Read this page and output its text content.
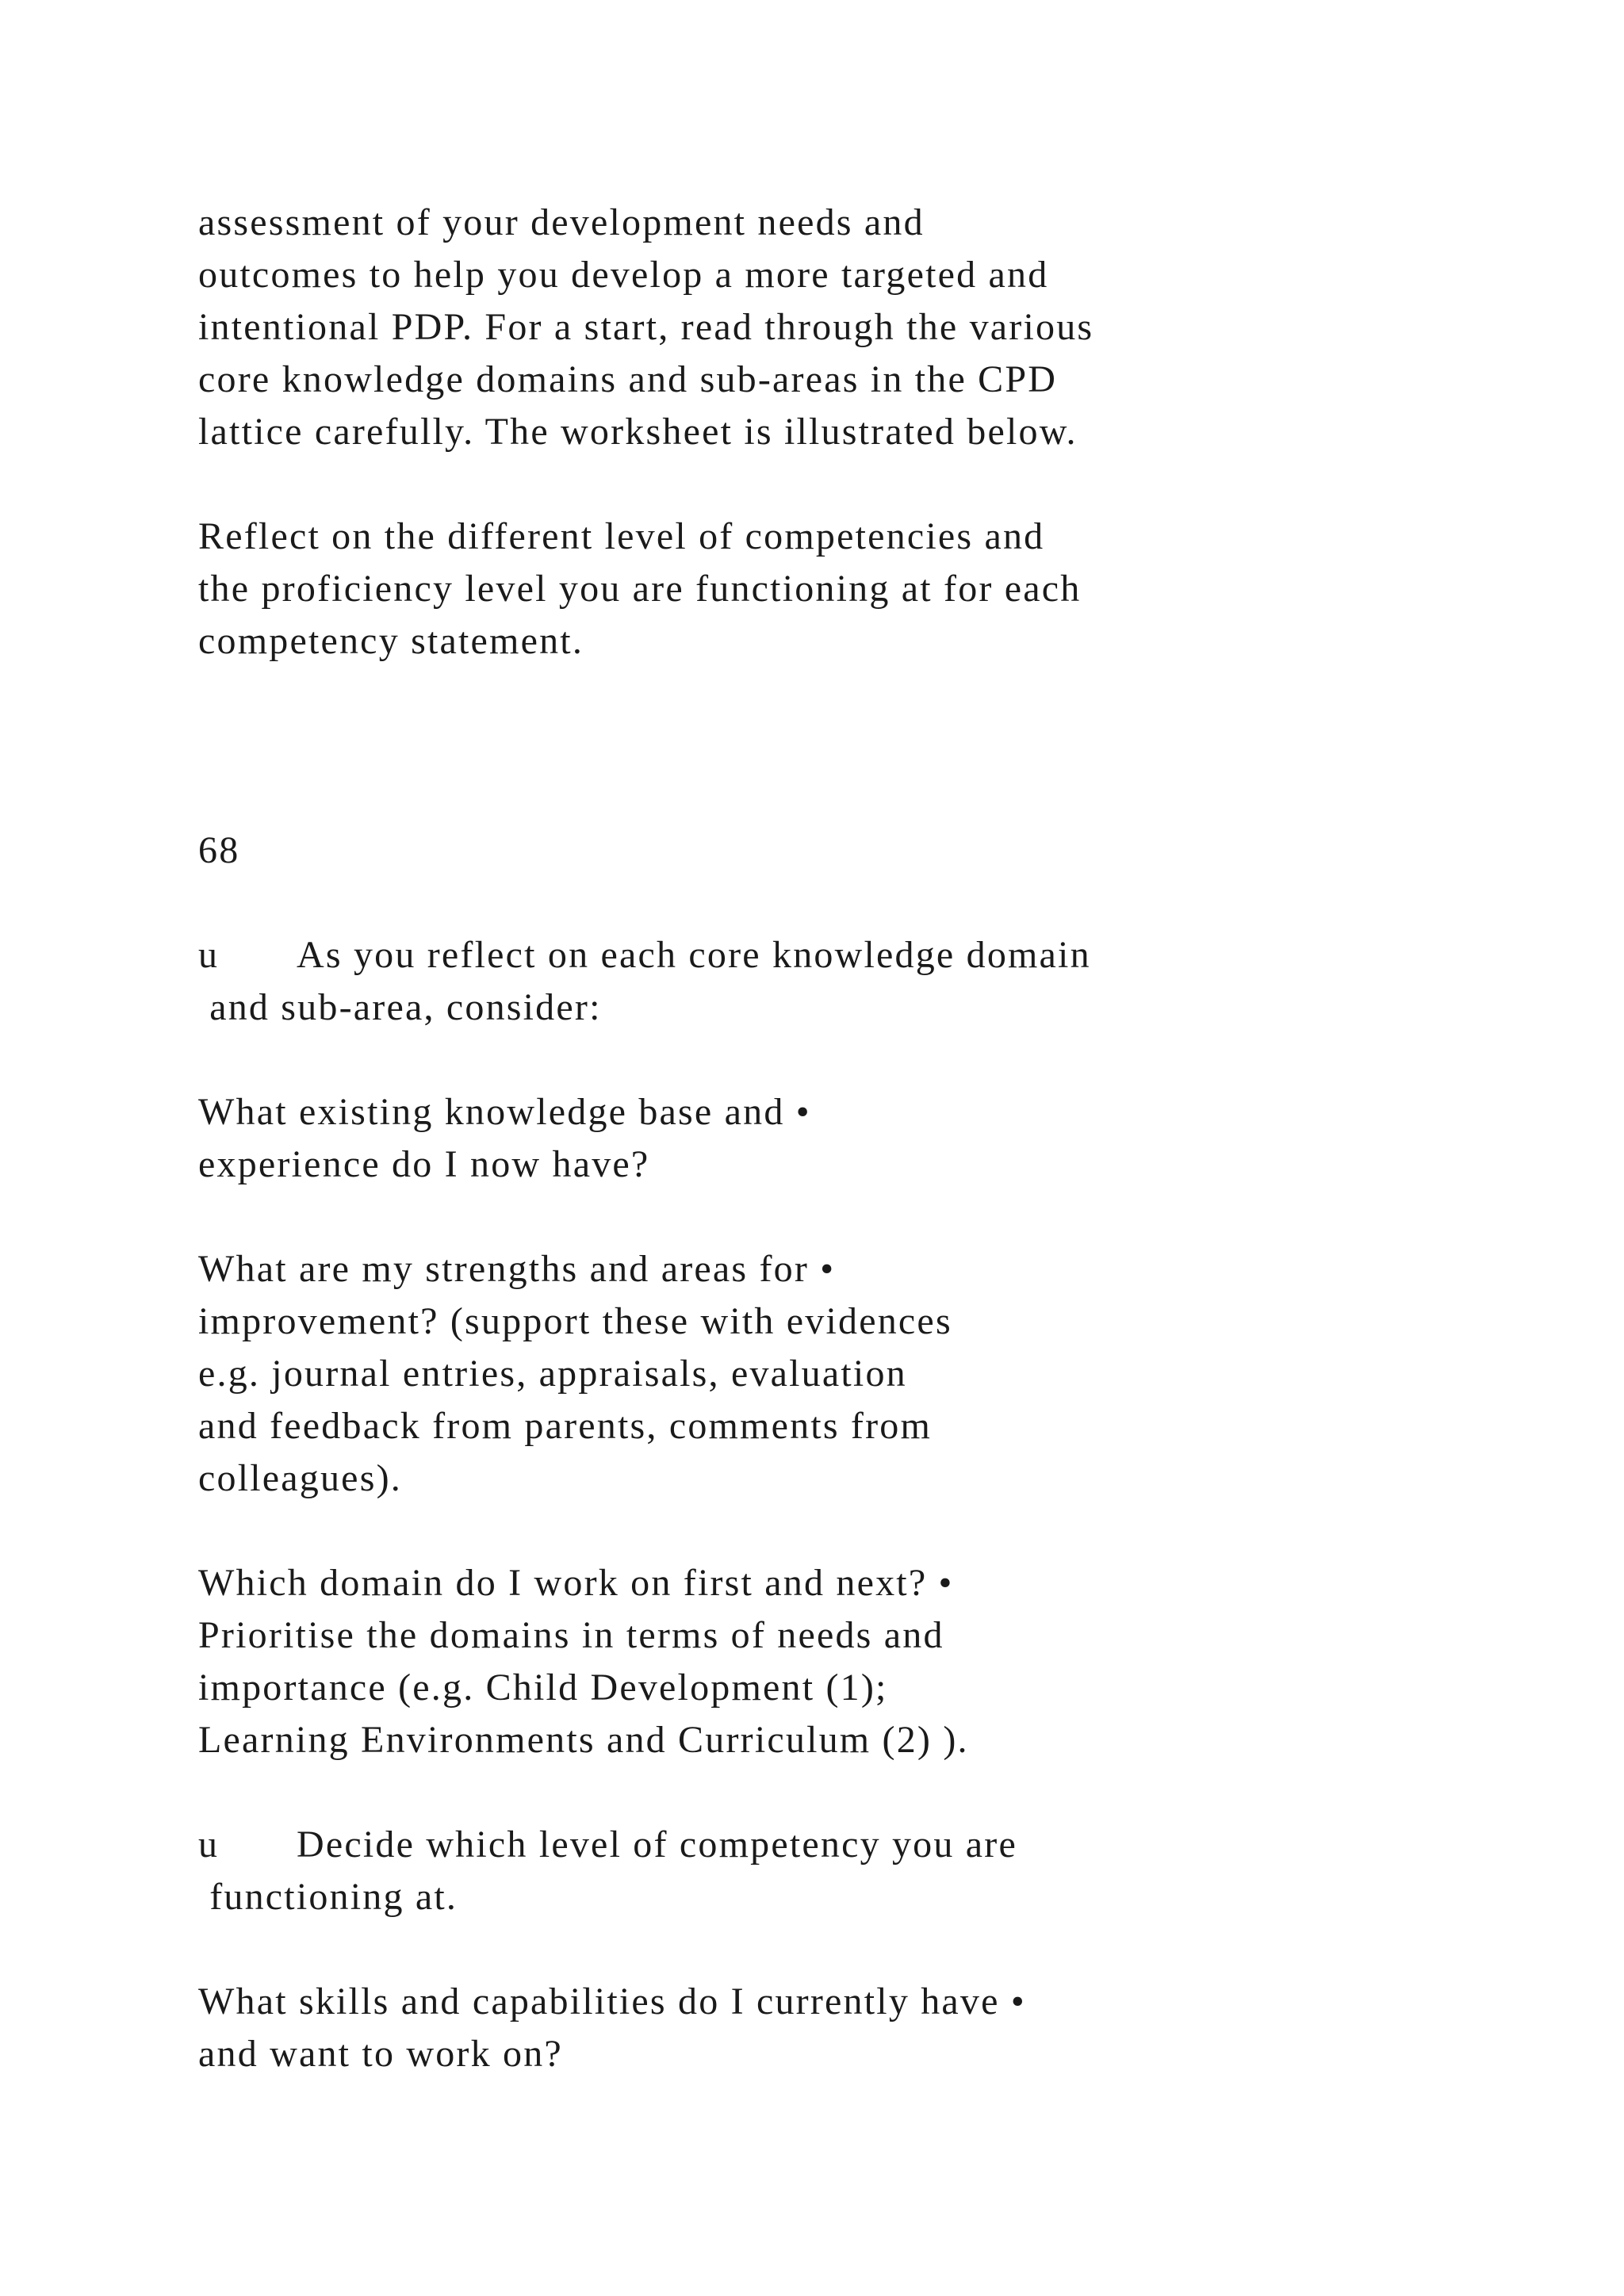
assessment of your development needs and
outcomes to help you develop a more targeted and
intentional PDP. For a start, read through the various
core knowledge domains and sub-areas in the CPD
lattice carefully. The worksheet is illustrated below.
Reflect on the different level of competencies and
the proficiency level you are functioning at for each
competency statement.
68
u As you reflect on each core knowledge domain
and sub-area, consider:
What existing knowledge base and •
experience do I now have?
What are my strengths and areas for •
improvement? (support these with evidences
e.g. journal entries, appraisals, evaluation
and feedback from parents, comments from
colleagues).
Which domain do I work on first and next? •
Prioritise the domains in terms of needs and
importance (e.g. Child Development (1);
Learning Environments and Curriculum (2) ).
u Decide which level of competency you are
functioning at.
What skills and capabilities do I currently have •
and want to work on?
